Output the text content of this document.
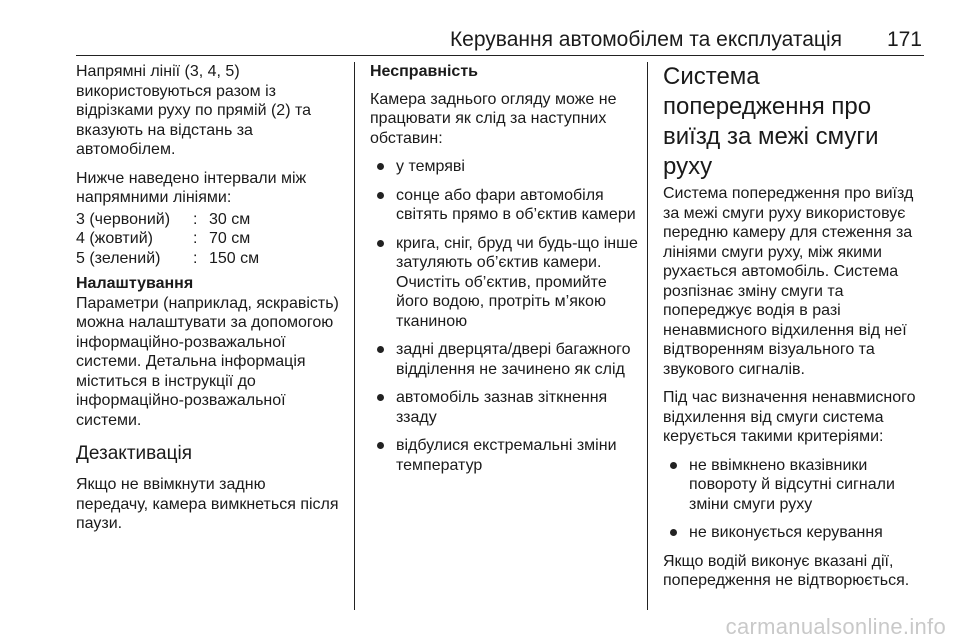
Керування автомобілем та експлуатація 171

Напрямні лінії (3, 4, 5) використовуються разом із відрізками руху по прямій (2) та вказують на відстань за автомобілем.

Нижче наведено інтервали між напрямними лініями:

3 (червоний)	: 30 см
4 (жовтий)	: 70 см
5 (зелений)	: 150 см
Налаштування

Параметри (наприклад, яскравість) можна налаштувати за допомогою інформаційно-розважальної системи. Детальна інформація міститься в інструкції до інформаційно-розважальної системи.

Дезактивація

Якщо не ввімкнути задню передачу, камера вимкнеться після паузи.

Несправність

Камера заднього огляду може не працювати як слід за наступних обставин:

у темряві
сонце або фари автомобіля світять прямо в об’єктив камери
крига, сніг, бруд чи будь-що інше затуляють об’єктив камери. Очистіть об’єктив, промийте його водою, протріть м’якою тканиною
задні дверцята/двері багажного відділення не зачинено як слід
автомобіль зазнав зіткнення ззаду
відбулися екстремальні зміни температур
Система попередження про виїзд за межі смуги руху

Система попередження про виїзд за межі смуги руху використовує передню камеру для стеження за лініями смуги руху, між якими рухається автомобіль. Система розпізнає зміну смуги та попереджує водія в разі ненавмисного відхилення від неї відтворенням візуального та звукового сигналів.

Під час визначення ненавмисного відхилення від смуги система керується такими критеріями:

не ввімкнено вказівники повороту й відсутні сигнали зміни смуги руху
не виконується керування

Якщо водій виконує вказані дії, попередження не відтворюється.

carmanualsonline.info
